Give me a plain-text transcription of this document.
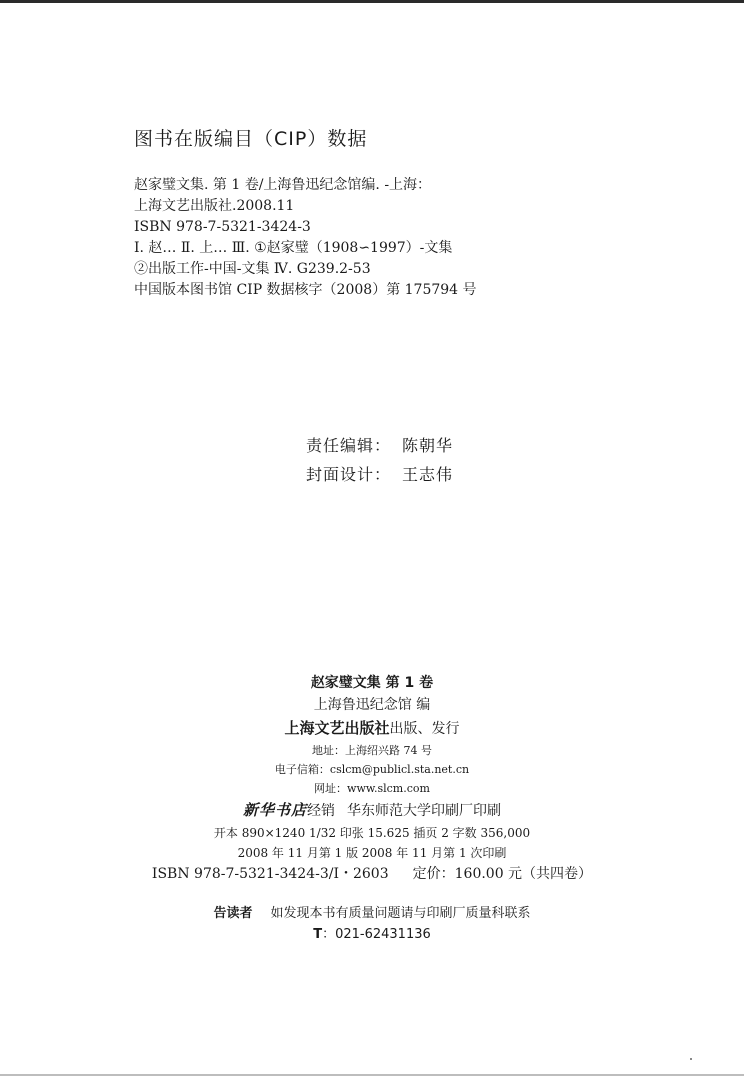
图书在版编目（CIP）数据
赵家璧文集. 第 1 卷/上海鲁迅纪念馆编. -上海：
上海文艺出版社.2008.11
ISBN 978-7-5321-3424-3
Ⅰ. 赵… Ⅱ. 上… Ⅲ. ①赵家璧（1908∽1997）-文集
②出版工作-中国-文集 Ⅳ. G239.2-53
中国版本图书馆 CIP 数据核字（2008）第 175794 号
责任编辑： 陈朝华
封面设计： 王志伟
赵家璧文集 第 1 卷
上海鲁迅纪念馆 编
上海文艺出版社出版、发行
地址：上海绍兴路 74 号
电子信箱：cslcm@publicl.sta.net.cn
网址：www.slcm.com
新华书店经销 华东师范大学印刷厂印刷
开本 890×1240 1/32 印张 15.625 插页 2 字数 356,000
2008 年 11 月第 1 版 2008 年 11 月第 1 次印刷
ISBN 978-7-5321-3424-3/I・2603 定价：160.00 元（共四卷）
告读者 如发现本书有质量问题请与印刷厂质量科联系
T：021-62431136
